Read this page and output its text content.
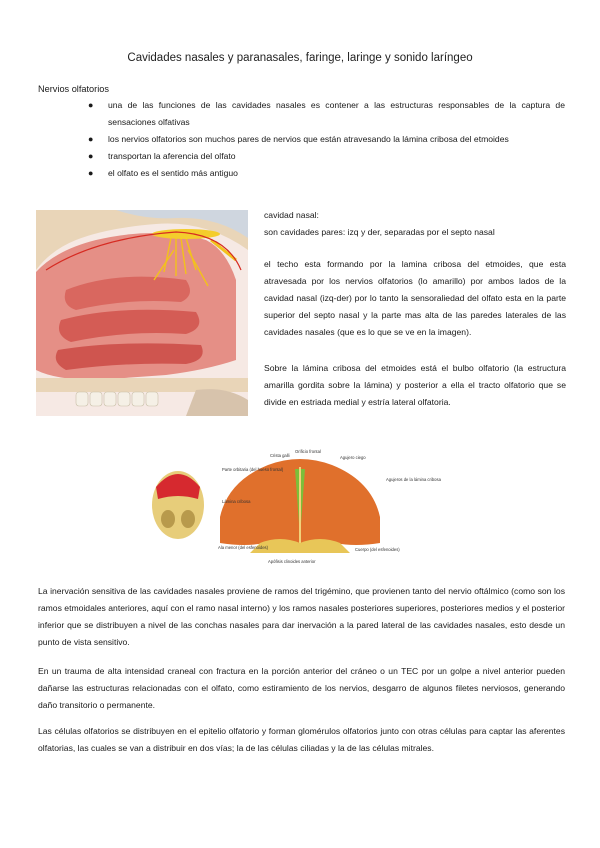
Cavidades nasales y paranasales, faringe, laringe y sonido laríngeo
Nervios olfatorios
● una de las funciones de las cavidades nasales es contener a las estructuras responsables de la captura de sensaciones olfativas
● los nervios olfatorios son muchos pares de nervios que están atravesando la lámina cribosa del etmoides
● transportan la aferencia del olfato
● el olfato es el sentido más antiguo

cavidad nasal:
son cavidades pares: izq y der, separadas por el septo nasal

el techo esta formando por la lamina cribosa del etmoides, que esta atravesada por los nervios olfatorios (lo amarillo) por ambos lados de la cavidad nasal (izq-der) por lo tanto la sensoraliedad del olfato esta en la parte superior del septo nasal y la parte mas alta de las paredes laterales de las cavidades nasales (que es lo que se ve en la imagen).

Sobre la lámina cribosa del etmoides está el bulbo olfatorio (la estructura amarilla gordita sobre la lámina) y posterior a ella el tracto olfatorio que se divide en estriada medial y estría lateral olfatoria.

Crista galli
Orificio frontal
Agujero ciego
Parte orbitaria (del hueso frontal)
Agujeros de la lámina cribosa
Lámina cribosa
Ala menor (del esfenoides)	Cuerpo (del esfenoides)
Apófisis clinoides anterior

La inervación sensitiva de las cavidades nasales proviene de ramos del trigémino, que provienen tanto del nervio oftálmico (como son los ramos etmoidales anteriores, aquí con el ramo nasal interno) y los ramos nasales posteriores superiores, posteriores medios y el posterior inferior que se distribuyen a nivel de las conchas nasales para dar inervación a la pared lateral de las cavidades nasales, esto desde un punto de vista sensitivo.

En un trauma de alta intensidad craneal con fractura en la porción anterior del cráneo o un TEC por un golpe a nivel anterior pueden dañarse las estructuras relacionadas con el olfato, como estiramiento de los nervios, desgarro de algunos filetes nerviosos, generando daño transitorio o permanente.

Las células olfatorios se distribuyen en el epitelio olfatorio y forman glomérulos olfatorios junto con otras células para captar las aferentes olfatorias, las cuales se van a distribuir en dos vías; la de las células ciliadas y la de las células mitrales.
